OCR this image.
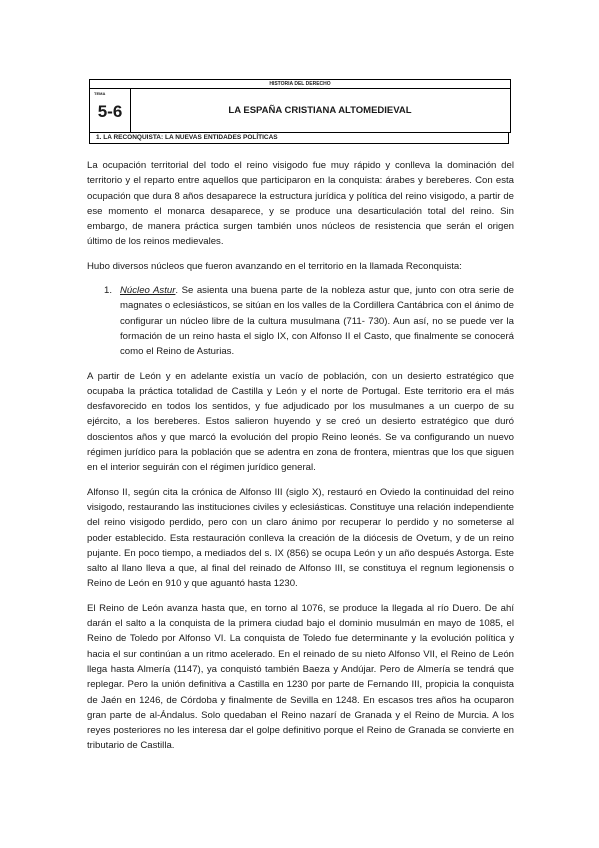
HISTORIA DEL DERECHO
TEMA
5-6	LA ESPAÑA CRISTIANA ALTOMEDIEVAL
1. LA RECONQUISTA: LA NUEVAS ENTIDADES POLÍTICAS

La ocupación territorial del todo el reino visigodo fue muy rápido y conlleva la dominación del territorio y el reparto entre aquellos que participaron en la conquista: árabes y bereberes. Con esta ocupación que dura 8 años desaparece la estructura jurídica y política del reino visigodo, a partir de ese momento el monarca desaparece, y se produce una desarticulación total del reino. Sin embargo, de manera práctica surgen también unos núcleos de resistencia que serán el origen último de los reinos medievales.

Hubo diversos núcleos que fueron avanzando en el territorio en la llamada Reconquista:

1. Núcleo Astur. Se asienta una buena parte de la nobleza astur que, junto con otra serie de magnates o eclesiásticos, se sitúan en los valles de la Cordillera Cantábrica con el ánimo de configurar un núcleo libre de la cultura musulmana (711- 730). Aun así, no se puede ver la formación de un reino hasta el siglo IX, con Alfonso II el Casto, que finalmente se conocerá como el Reino de Asturias.

A partir de León y en adelante existía un vacío de población, con un desierto estratégico que ocupaba la práctica totalidad de Castilla y León y el norte de Portugal. Este territorio era el más desfavorecido en todos los sentidos, y fue adjudicado por los musulmanes a un cuerpo de su ejército, a los bereberes. Estos salieron huyendo y se creó un desierto estratégico que duró doscientos años y que marcó la evolución del propio Reino leonés. Se va configurando un nuevo régimen jurídico para la población que se adentra en zona de frontera, mientras que los que siguen en el interior seguirán con el régimen jurídico general.

Alfonso II, según cita la crónica de Alfonso III (siglo X), restauró en Oviedo la continuidad del reino visigodo, restaurando las instituciones civiles y eclesiásticas. Constituye una relación independiente del reino visigodo perdido, pero con un claro ánimo por recuperar lo perdido y no someterse al poder establecido. Esta restauración conlleva la creación de la diócesis de Ovetum, y de un reino pujante. En poco tiempo, a mediados del s. IX (856) se ocupa León y un año después Astorga. Este salto al llano lleva a que, al final del reinado de Alfonso III, se constituya el regnum legionensis o Reino de León en 910 y que aguantó hasta 1230.

El Reino de León avanza hasta que, en torno al 1076, se produce la llegada al río Duero. De ahí darán el salto a la conquista de la primera ciudad bajo el dominio musulmán en mayo de 1085, el Reino de Toledo por Alfonso VI. La conquista de Toledo fue determinante y la evolución política y hacia el sur continúan a un ritmo acelerado. En el reinado de su nieto Alfonso VII, el Reino de León llega hasta Almería (1147), ya conquistó también Baeza y Andújar. Pero de Almería se tendrá que replegar. Pero la unión definitiva a Castilla en 1230 por parte de Fernando III, propicia la conquista de Jaén en 1246, de Córdoba y finalmente de Sevilla en 1248. En escasos tres años ha ocuparon gran parte de al-Ándalus. Solo quedaban el Reino nazarí de Granada y el Reino de Murcia. A los reyes posteriores no les interesa dar el golpe definitivo porque el Reino de Granada se convierte en tributario de Castilla.
